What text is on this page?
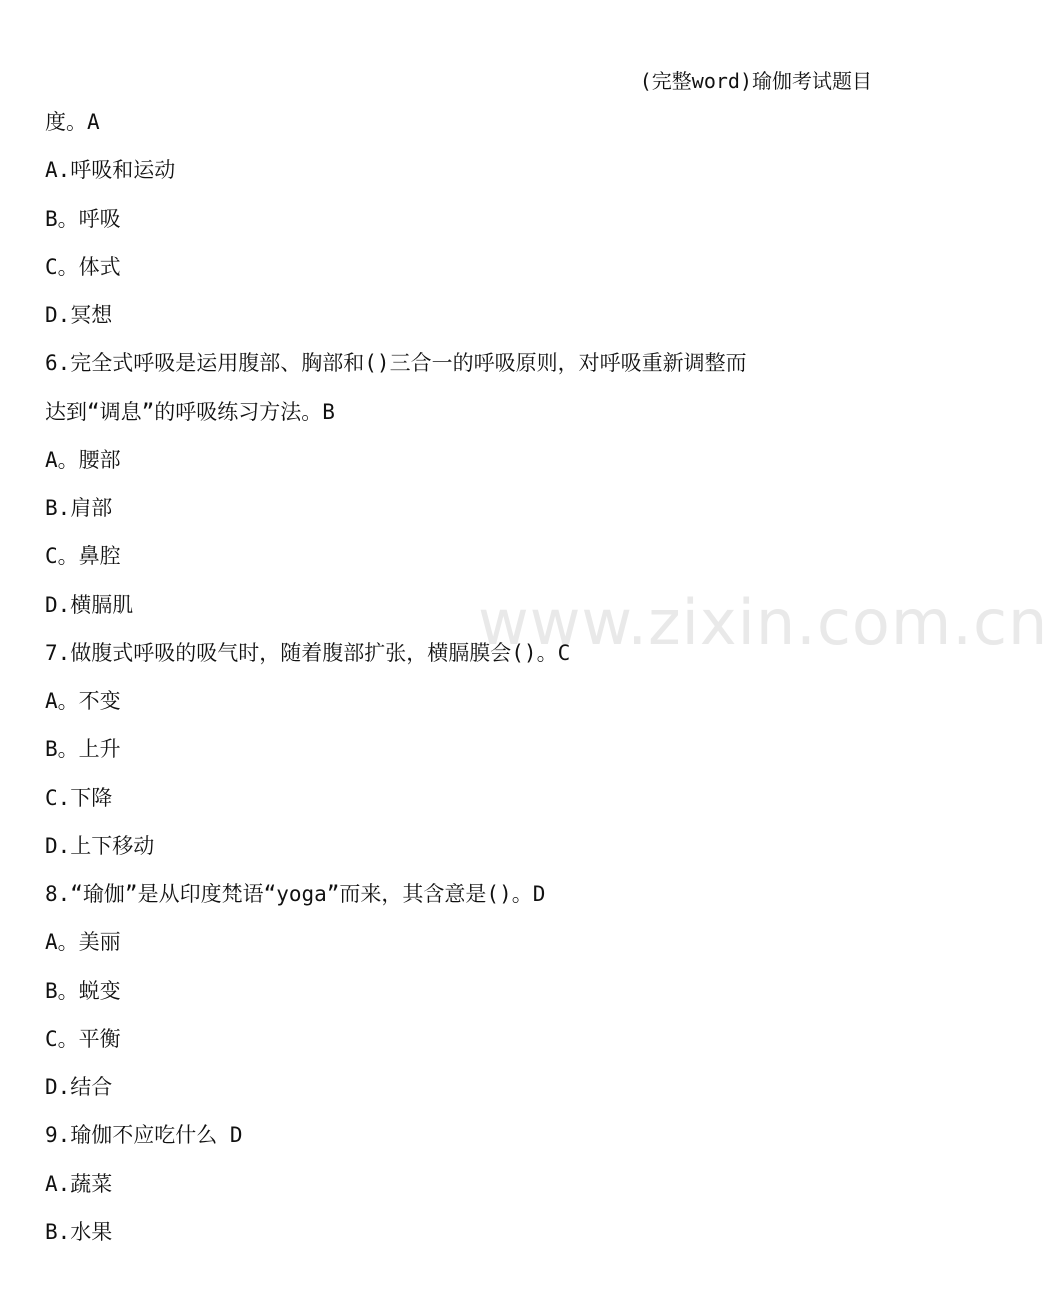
www.zixin.com.cn
(完整word)瑜伽考试题目
度。A
A.呼吸和运动
B。呼吸
C。体式
D.冥想
6.完全式呼吸是运用腹部、胸部和()三合一的呼吸原则，对呼吸重新调整而
达到“调息”的呼吸练习方法。B
A。腰部
B.肩部
C。鼻腔
D.横膈肌
7.做腹式呼吸的吸气时，随着腹部扩张，横膈膜会()。C
A。不变
B。上升
C.下降
D.上下移动
8.“瑜伽”是从印度梵语“yoga”而来，其含意是()。D
A。美丽
B。蜕变
C。平衡
D.结合
9.瑜伽不应吃什么 D
A.蔬菜
B.水果
